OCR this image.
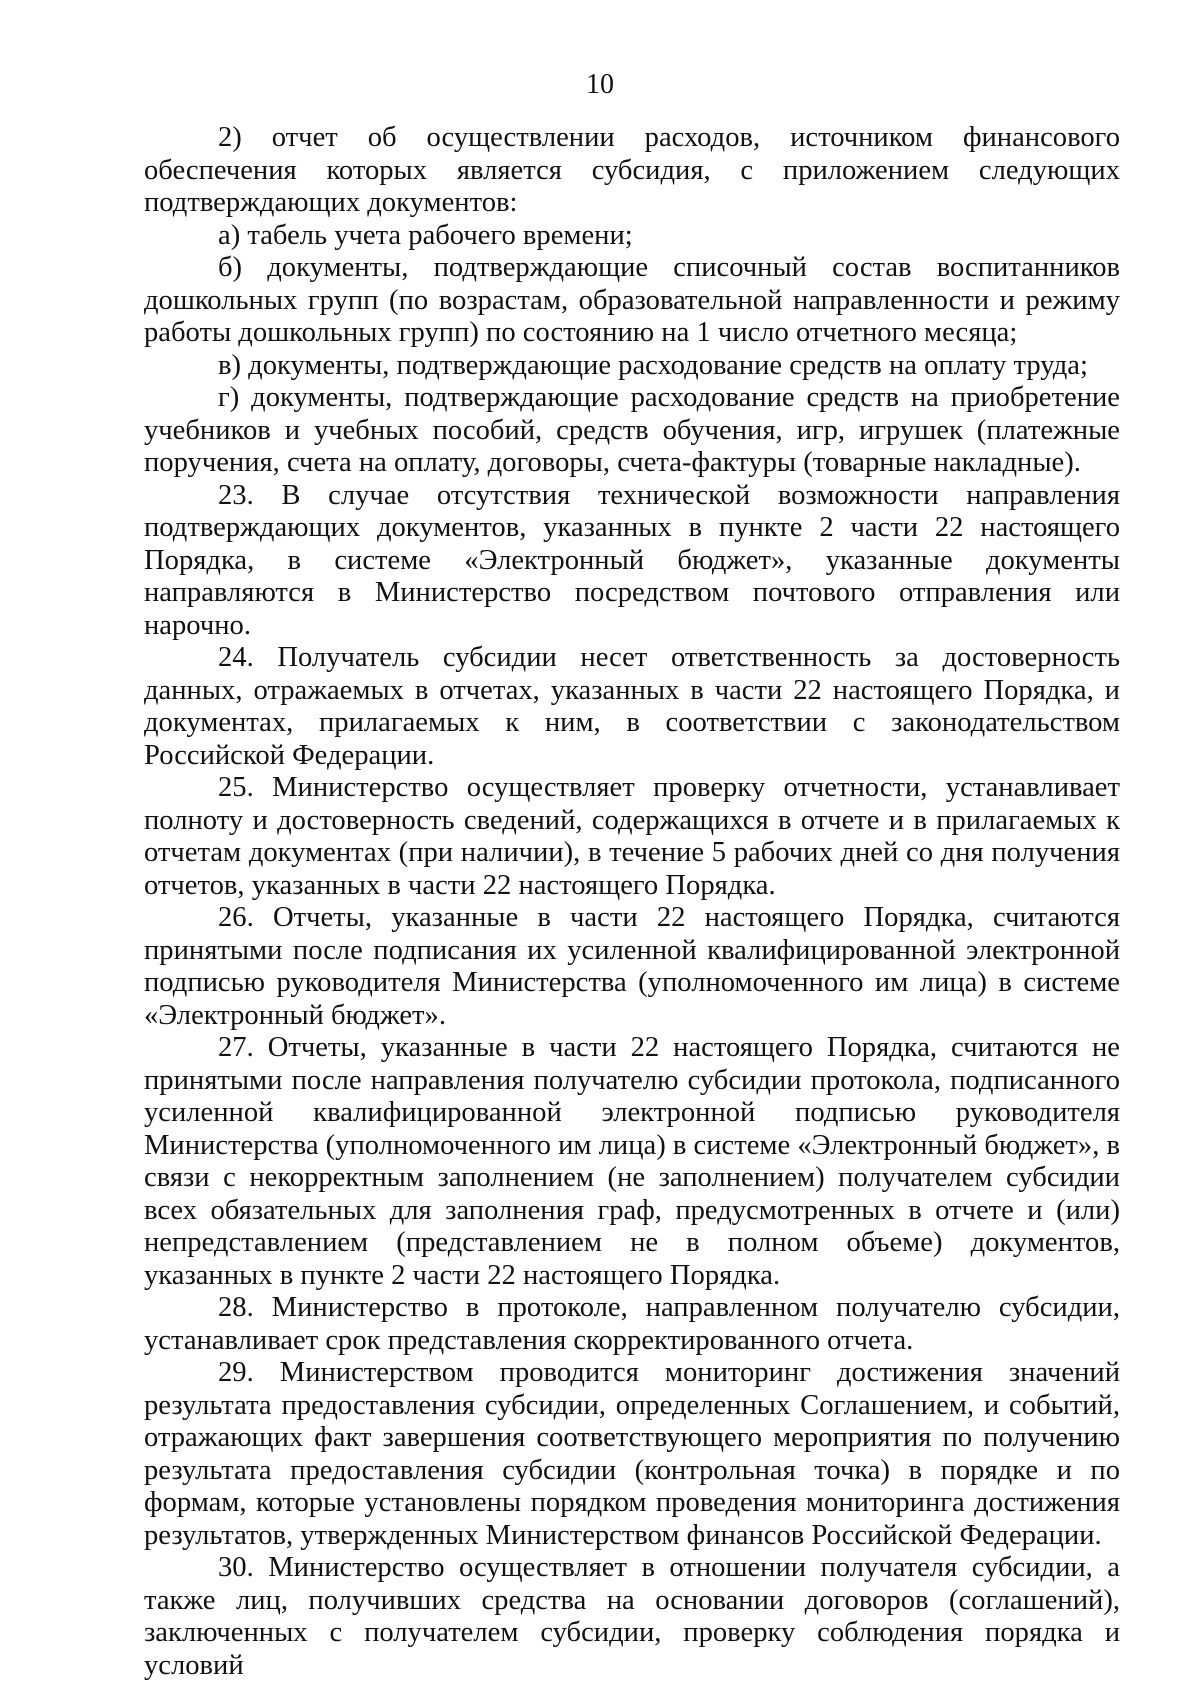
10

2) отчет об осуществлении расходов, источником финансового обеспечения которых является субсидия, с приложением следующих подтверждающих документов:

а) табель учета рабочего времени;

б) документы, подтверждающие списочный состав воспитанников дошкольных групп (по возрастам, образовательной направленности и режиму работы дошкольных групп) по состоянию на 1 число отчетного месяца;

в) документы, подтверждающие расходование средств на оплату труда;

г) документы, подтверждающие расходование средств на приобретение учебников и учебных пособий, средств обучения, игр, игрушек (платежные поручения, счета на оплату, договоры, счета-фактуры (товарные накладные).

23. В случае отсутствия технической возможности направления подтверждающих документов, указанных в пункте 2 части 22 настоящего Порядка, в системе «Электронный бюджет», указанные документы направляются в Министерство посредством почтового отправления или нарочно.

24. Получатель субсидии несет ответственность за достоверность данных, отражаемых в отчетах, указанных в части 22 настоящего Порядка, и документах, прилагаемых к ним, в соответствии с законодательством Российской Федерации.

25. Министерство осуществляет проверку отчетности, устанавливает полноту и достоверность сведений, содержащихся в отчете и в прилагаемых к отчетам документах (при наличии), в течение 5 рабочих дней со дня получения отчетов, указанных в части 22 настоящего Порядка.

26. Отчеты, указанные в части 22 настоящего Порядка, считаются принятыми после подписания их усиленной квалифицированной электронной подписью руководителя Министерства (уполномоченного им лица) в системе «Электронный бюджет».

27. Отчеты, указанные в части 22 настоящего Порядка, считаются не принятыми после направления получателю субсидии протокола, подписанного усиленной квалифицированной электронной подписью руководителя Министерства (уполномоченного им лица) в системе «Электронный бюджет», в связи с некорректным заполнением (не заполнением) получателем субсидии всех обязательных для заполнения граф, предусмотренных в отчете и (или) непредставлением (представлением не в полном объеме) документов, указанных в пункте 2 части 22 настоящего Порядка.

28. Министерство в протоколе, направленном получателю субсидии, устанавливает срок представления скорректированного отчета.

29. Министерством проводится мониторинг достижения значений результата предоставления субсидии, определенных Соглашением, и событий, отражающих факт завершения соответствующего мероприятия по получению результата предоставления субсидии (контрольная точка) в порядке и по формам, которые установлены порядком проведения мониторинга достижения результатов, утвержденных Министерством финансов Российской Федерации.

30. Министерство осуществляет в отношении получателя субсидии, а также лиц, получивших средства на основании договоров (соглашений), заключенных с получателем субсидии, проверку соблюдения порядка и условий
